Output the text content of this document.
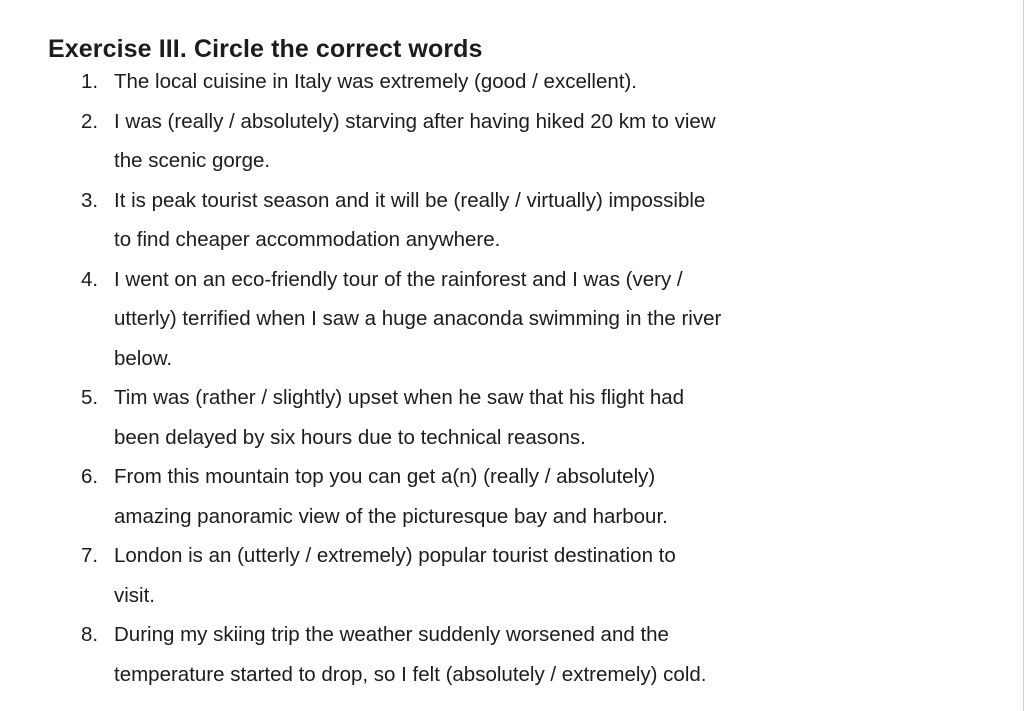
Exercise III. Circle the correct words
1. The local cuisine in Italy was extremely (good / excellent).
2. I was (really / absolutely) starving after having hiked 20 km to view
the scenic gorge.
3. It is peak tourist season and it will be (really / virtually) impossible
to find cheaper accommodation anywhere.
4. I went on an eco-friendly tour of the rainforest and I was (very /
utterly) terrified when I saw a huge anaconda swimming in the river
below.
5. Tim was (rather / slightly) upset when he saw that his flight had
been delayed by six hours due to technical reasons.
6. From this mountain top you can get a(n) (really / absolutely)
amazing panoramic view of the picturesque bay and harbour.
7. London is an (utterly / extremely) popular tourist destination to
visit.
8. During my skiing trip the weather suddenly worsened and the
temperature started to drop, so I felt (absolutely / extremely) cold.
